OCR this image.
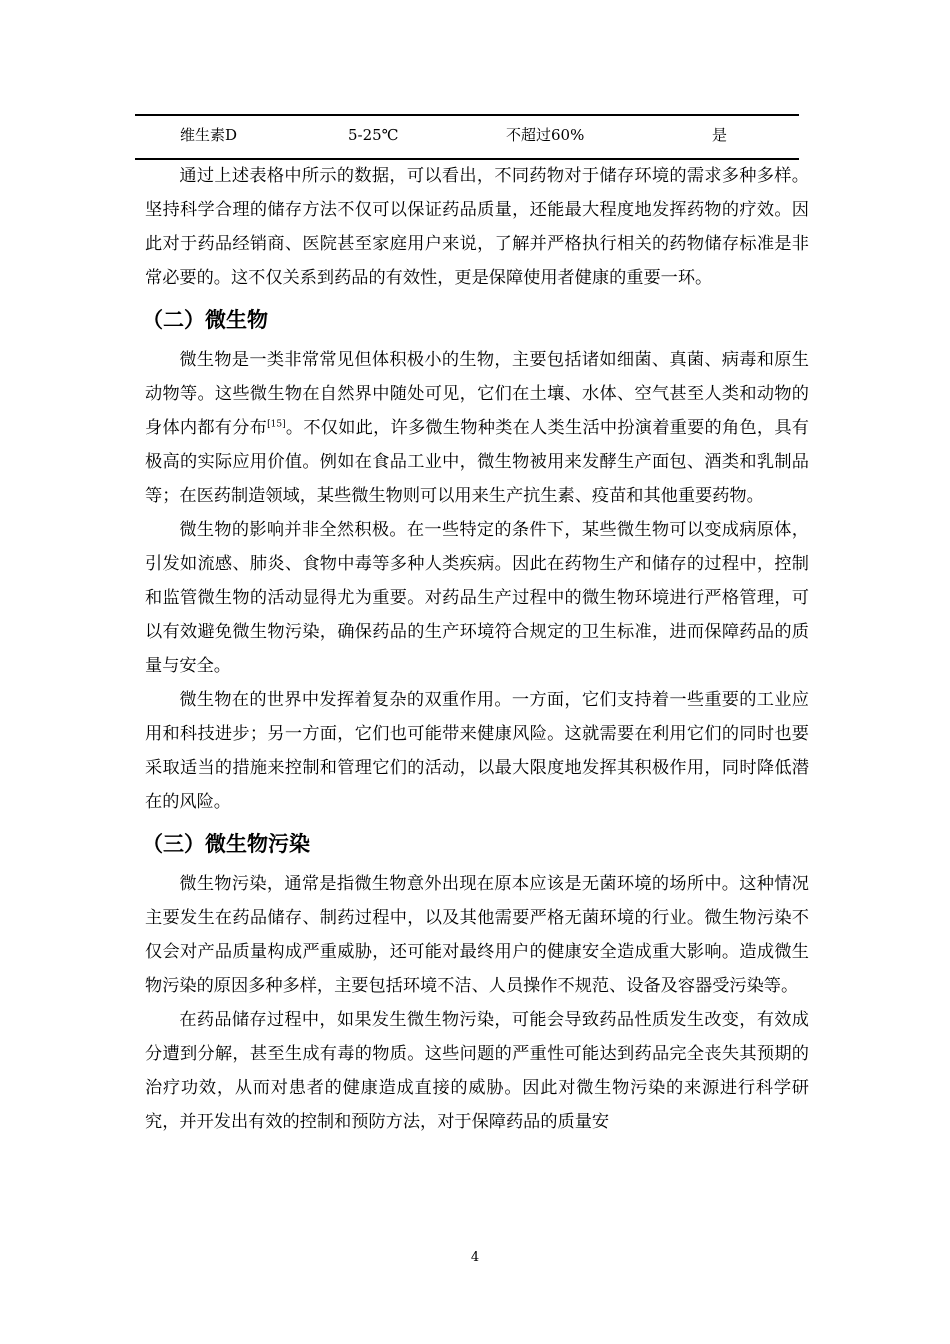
维生素D	5-25℃	不超过60%	是

通过上述表格中所示的数据，可以看出，不同药物对于储存环境的需求多种多样。坚持科学合理的储存方法不仅可以保证药品质量，还能最大程度地发挥药物的疗效。因此对于药品经销商、医院甚至家庭用户来说，了解并严格执行相关的药物储存标准是非常必要的。这不仅关系到药品的有效性，更是保障使用者健康的重要一环。

（二）微生物

微生物是一类非常常见但体积极小的生物，主要包括诸如细菌、真菌、病毒和原生动物等。这些微生物在自然界中随处可见，它们在土壤、水体、空气甚至人类和动物的身体内都有分布[15]。不仅如此，许多微生物种类在人类生活中扮演着重要的角色，具有极高的实际应用价值。例如在食品工业中，微生物被用来发酵生产面包、酒类和乳制品等；在医药制造领域，某些微生物则可以用来生产抗生素、疫苗和其他重要药物。

微生物的影响并非全然积极。在一些特定的条件下，某些微生物可以变成病原体，引发如流感、肺炎、食物中毒等多种人类疾病。因此在药物生产和储存的过程中，控制和监管微生物的活动显得尤为重要。对药品生产过程中的微生物环境进行严格管理，可以有效避免微生物污染，确保药品的生产环境符合规定的卫生标准，进而保障药品的质量与安全。

微生物在的世界中发挥着复杂的双重作用。一方面，它们支持着一些重要的工业应用和科技进步；另一方面，它们也可能带来健康风险。这就需要在利用它们的同时也要采取适当的措施来控制和管理它们的活动，以最大限度地发挥其积极作用，同时降低潜在的风险。

（三）微生物污染

微生物污染，通常是指微生物意外出现在原本应该是无菌环境的场所中。这种情况主要发生在药品储存、制药过程中，以及其他需要严格无菌环境的行业。微生物污染不仅会对产品质量构成严重威胁，还可能对最终用户的健康安全造成重大影响。造成微生物污染的原因多种多样，主要包括环境不洁、人员操作不规范、设备及容器受污染等。

在药品储存过程中，如果发生微生物污染，可能会导致药品性质发生改变，有效成分遭到分解，甚至生成有毒的物质。这些问题的严重性可能达到药品完全丧失其预期的治疗功效，从而对患者的健康造成直接的威胁。因此对微生物污染的来源进行科学研究，并开发出有效的控制和预防方法，对于保障药品的质量安

4
